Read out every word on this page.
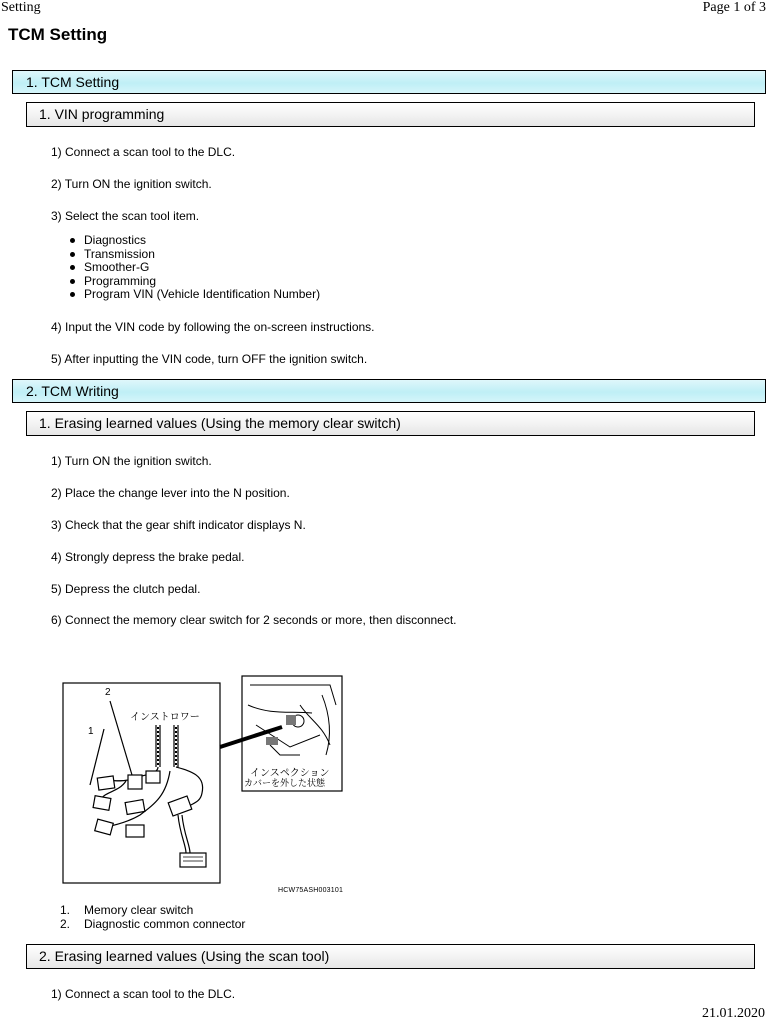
Setting	Page 1 of 3
TCM Setting
1. TCM Setting
1. VIN programming
1) Connect a scan tool to the DLC.
2) Turn ON the ignition switch.
3) Select the scan tool item.
Diagnostics
Transmission
Smoother-G
Programming
Program VIN (Vehicle Identification Number)
4) Input the VIN code by following the on-screen instructions.
5) After inputting the VIN code, turn OFF the ignition switch.
2. TCM Writing
1. Erasing learned values (Using the memory clear switch)
1) Turn ON the ignition switch.
2) Place the change lever into the N position.
3) Check that the gear shift indicator displays N.
4) Strongly depress the brake pedal.
5) Depress the clutch pedal.
6) Connect the memory clear switch for 2 seconds or more, then disconnect.
2
1
インストロワー
インスペクション
カバーを外した状態
HCW75ASH003101
1. Memory clear switch
2. Diagnostic common connector
2. Erasing learned values (Using the scan tool)
1) Connect a scan tool to the DLC.
21.01.2020
